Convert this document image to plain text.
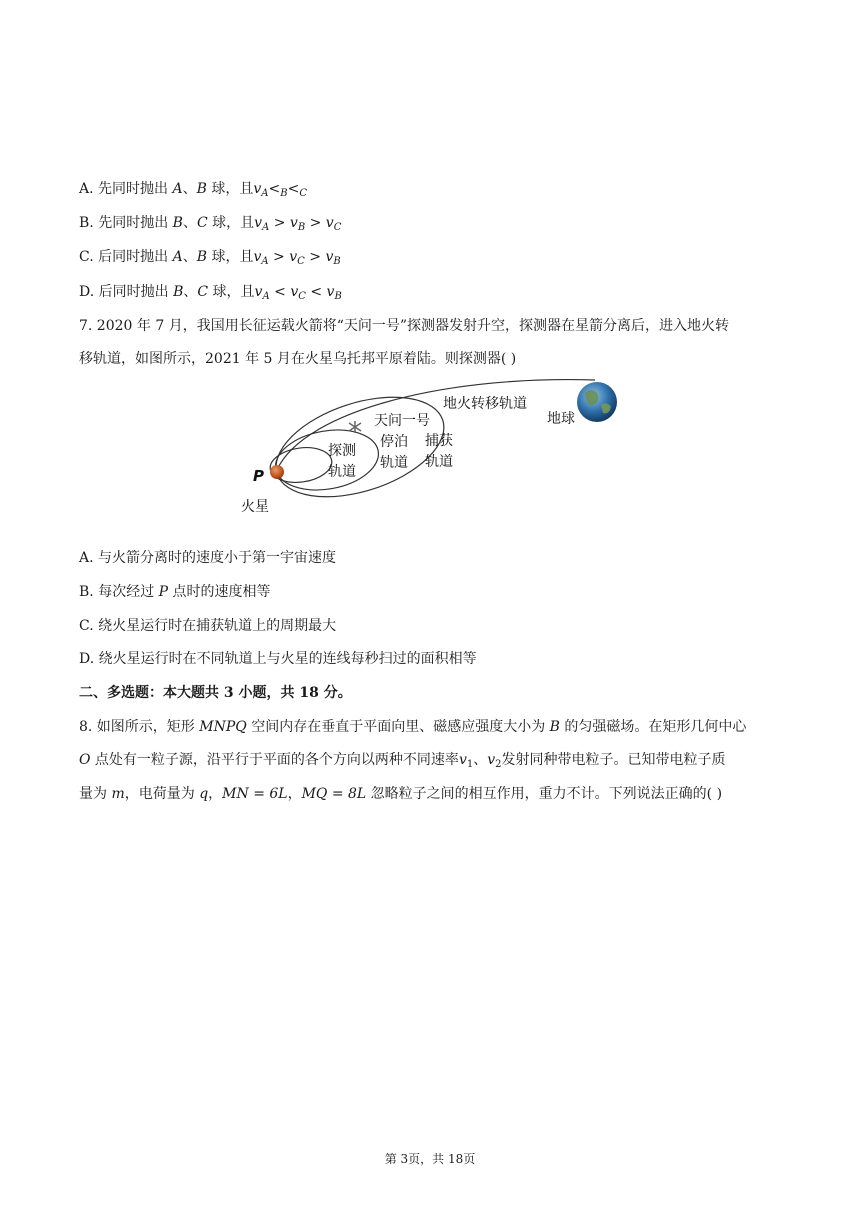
A. 先同时抛出 A、B 球，且$v_A<_B<_C$
B. 先同时抛出 B、C 球，且$v_A > v_B > v_C$
C. 后同时抛出 A、B 球，且$v_A > v_C > v_B$
D. 后同时抛出 B、C 球，且$v_A < v_C < v_B$
7. 2020 年 7 月，我国用长征运载火箭将“天问一号”探测器发射升空，探测器在星箭分离后，进入地火转
移轨道，如图所示，2021 年 5 月在火星乌托邦平原着陆。则探测器( )
地火转移轨道
地球
天问一号
探测
轨道
停泊
轨道
捕获
轨道
P
火星
A. 与火箭分离时的速度小于第一宇宙速度
B. 每次经过 P 点时的速度相等
C. 绕火星运行时在捕获轨道上的周期最大
D. 绕火星运行时在不同轨道上与火星的连线每秒扫过的面积相等
二、多选题：本大题共 3 小题，共 18 分。
8. 如图所示，矩形 MNPQ 空间内存在垂直于平面向里、磁感应强度大小为 B 的匀强磁场。在矩形几何中心
O 点处有一粒子源，沿平行于平面的各个方向以两种不同速率$v_1$、$v_2$发射同种带电粒子。已知带电粒子质
量为 m，电荷量为 q，MN = 6L，MQ = 8L 忽略粒子之间的相互作用，重力不计。下列说法正确的( )
第 3页，共 18页
